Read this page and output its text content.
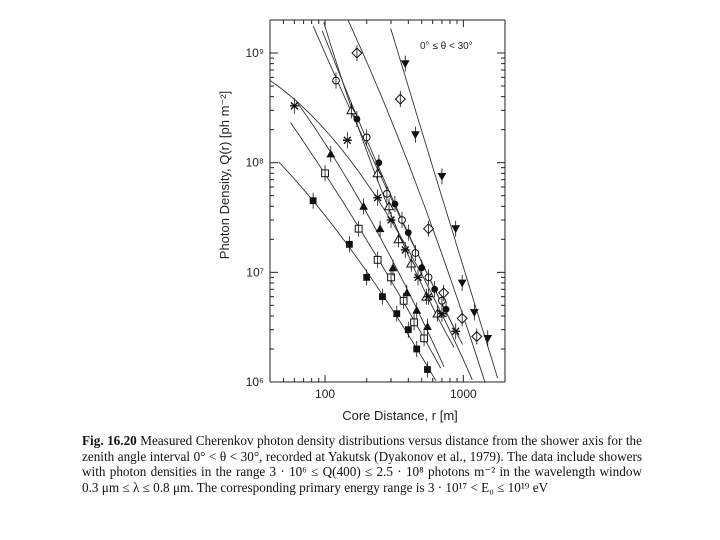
100	1000
10⁶
10⁷
10⁸
10⁹	0° ≤ θ < 30°
Core Distance, r [m]
Photon Density, Q(r) [ph m⁻²]

Fig. 16.20 Measured Cherenkov photon density distributions versus distance from the shower axis for the zenith angle interval 0° < θ < 30°, recorded at Yakutsk (Dyakonov et al., 1979). The data include showers with photon densities in the range 3 · 10⁶ ≤ Q(400) ≤ 2.5 · 10⁸ photons m⁻² in the wavelength window 0.3 μm ≤ λ ≤ 0.8 μm. The corresponding primary energy range is 3 · 10¹⁷ < E₀ ≤ 10¹⁹ eV
